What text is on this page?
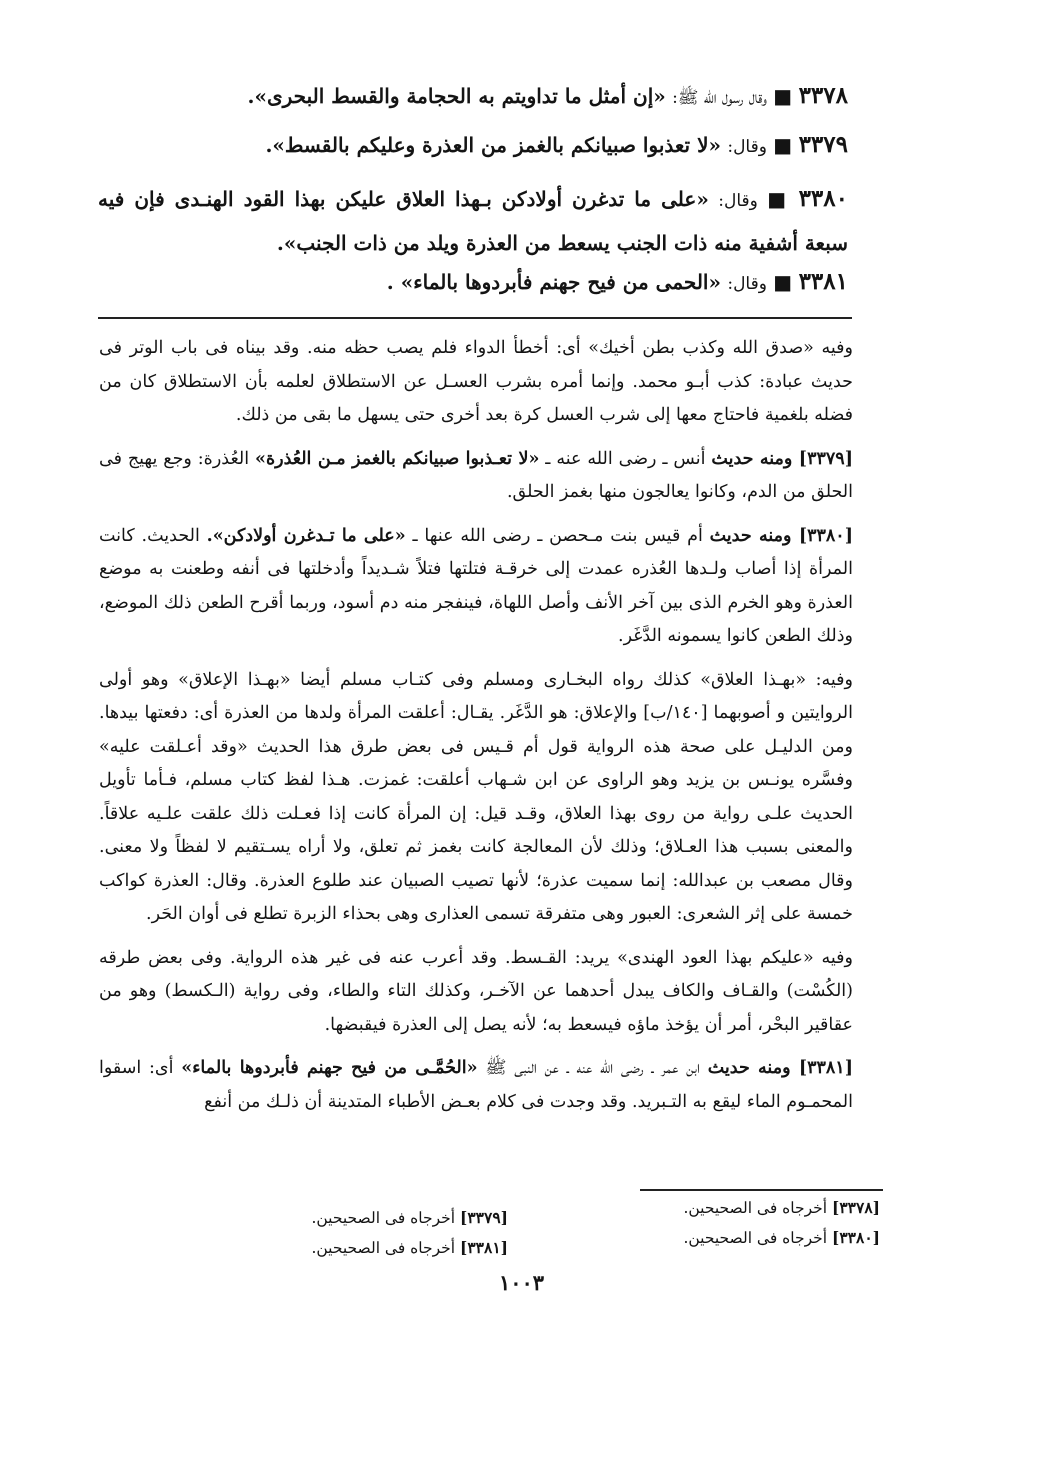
٣٣٧٨ ■ وقال رسول الله ﷺ: «إن أمثل ما تداويتم به الحجامة والقسط البحرى».
٣٣٧٩ ■ وقال: «لا تعذبوا صبيانكم بالغمز من العذرة وعليكم بالقسط».
٣٣٨٠ ■ وقال: «على ما تدغرن أولادكن بـهذا العلاق عليكن بهذا القود الهنـدى فإن فيه سبعة أشفية منه ذات الجنب يسعط من العذرة ويلد من ذات الجنب».
٣٣٨١ ■ وقال: «الحمى من فيح جهنم فأبردوها بالماء» .

وفيه «صدق الله وكذب بطن أخيك» أى: أخطأ الدواء فلم يصب حظه منه. وقد بيناه فى باب الوتر فى حديث عبادة: كذب أبـو محمد. وإنما أمره بشرب العسـل عن الاستطلاق لعلمه بأن الاستطلاق كان من فضله بلغمية فاحتاج معها إلى شرب العسل كرة بعد أخرى حتى يسهل ما بقى من ذلك.

[٣٣٧٩] ومنه حديث أنس ـ رضى الله عنه ـ «لا تعـذبوا صبيانكم بالغمز مـن العُذرة» العُذرة: وجع يهيج فى الحلق من الدم، وكانوا يعالجون منها بغمز الحلق.

[٣٣٨٠] ومنه حديث أم قيس بنت مـحصن ـ رضى الله عنها ـ «على ما تـدغرن أولادكن». الحديث. كانت المرأة إذا أصاب ولـدها العُذره عمدت إلى خرقـة فتلتها فتلاً شـديداً وأدخلتها فى أنفه وطعنت به موضع العذرة وهو الخرم الذى بين آخر الأنف وأصل اللهاة، فينفجر منه دم أسود، وربما أقرح الطعن ذلك الموضع، وذلك الطعن كانوا يسمونه الدَّغَر.

وفيه: «بهـذا العلاق» كذلك رواه البخـارى ومسلم وفى كتـاب مسلم أيضا «بهـذا الإعلاق» وهو أولى الروايتين و أصوبهما [١٤٠/ب] والإعلاق: هو الدَّغَر. يقـال: أعلقت المرأة ولدها من العذرة أى: دفعتها بيدها. ومن الدليـل على صحة هذه الرواية قول أم قـيس فى بعض طرق هذا الحديث «وقد أعـلقت عليه» وفسَّره يونـس بن يزيد وهو الراوى عن ابن شـهاب أعلقت: غمزت. هـذا لفظ كتاب مسلم، فـأما تأويل الحديث علـى رواية من روى بهذا العلاق، وقـد قيل: إن المرأة كانت إذا فعـلت ذلك علقت علـيه علاقاً. والمعنى بسبب هذا العـلاق؛ وذلك لأن المعالجة كانت بغمز ثم تعلق، ولا أراه يسـتقيم لا لفظاً ولا معنى. وقال مصعب بن عبدالله: إنما سميت عذرة؛ لأنها تصيب الصبيان عند طلوع العذرة. وقال: العذرة كواكب خمسة على إثر الشعرى: العبور وهى متفرقة تسمى العذارى وهى بحذاء الزبرة تطلع فى أوان الحَر.

وفيه «عليكم بهذا العود الهندى» يريد: القـسط. وقد أعرب عنه فى غير هذه الرواية. وفى بعض طرقه (الكُسْت) والقـاف والكاف يبدل أحدهما عن الآخـر، وكذلك التاء والطاء، وفى رواية (الـكسط) وهو من عقاقير البحْر، أمر أن يؤخذ ماؤه فيسعط به؛ لأنه يصل إلى العذرة فيقبضها.

[٣٣٨١] ومنه حديث ابن عمر ـ رضى الله عنه ـ عن النبى ﷺ «الحُمَّـى من فيح جهنم فأبردوها بالماء» أى: اسقوا المحمـوم الماء ليقع به التـبريد. وقد وجدت فى كلام بعـض الأطباء المتدينة أن ذلـك من أنفع

[٣٣٧٨] أخرجاه فى الصحيحين.
[٣٣٧٩] أخرجاه فى الصحيحين.
[٣٣٨٠] أخرجاه فى الصحيحين.
[٣٣٨١] أخرجاه فى الصحيحين.
١٠٠٣
